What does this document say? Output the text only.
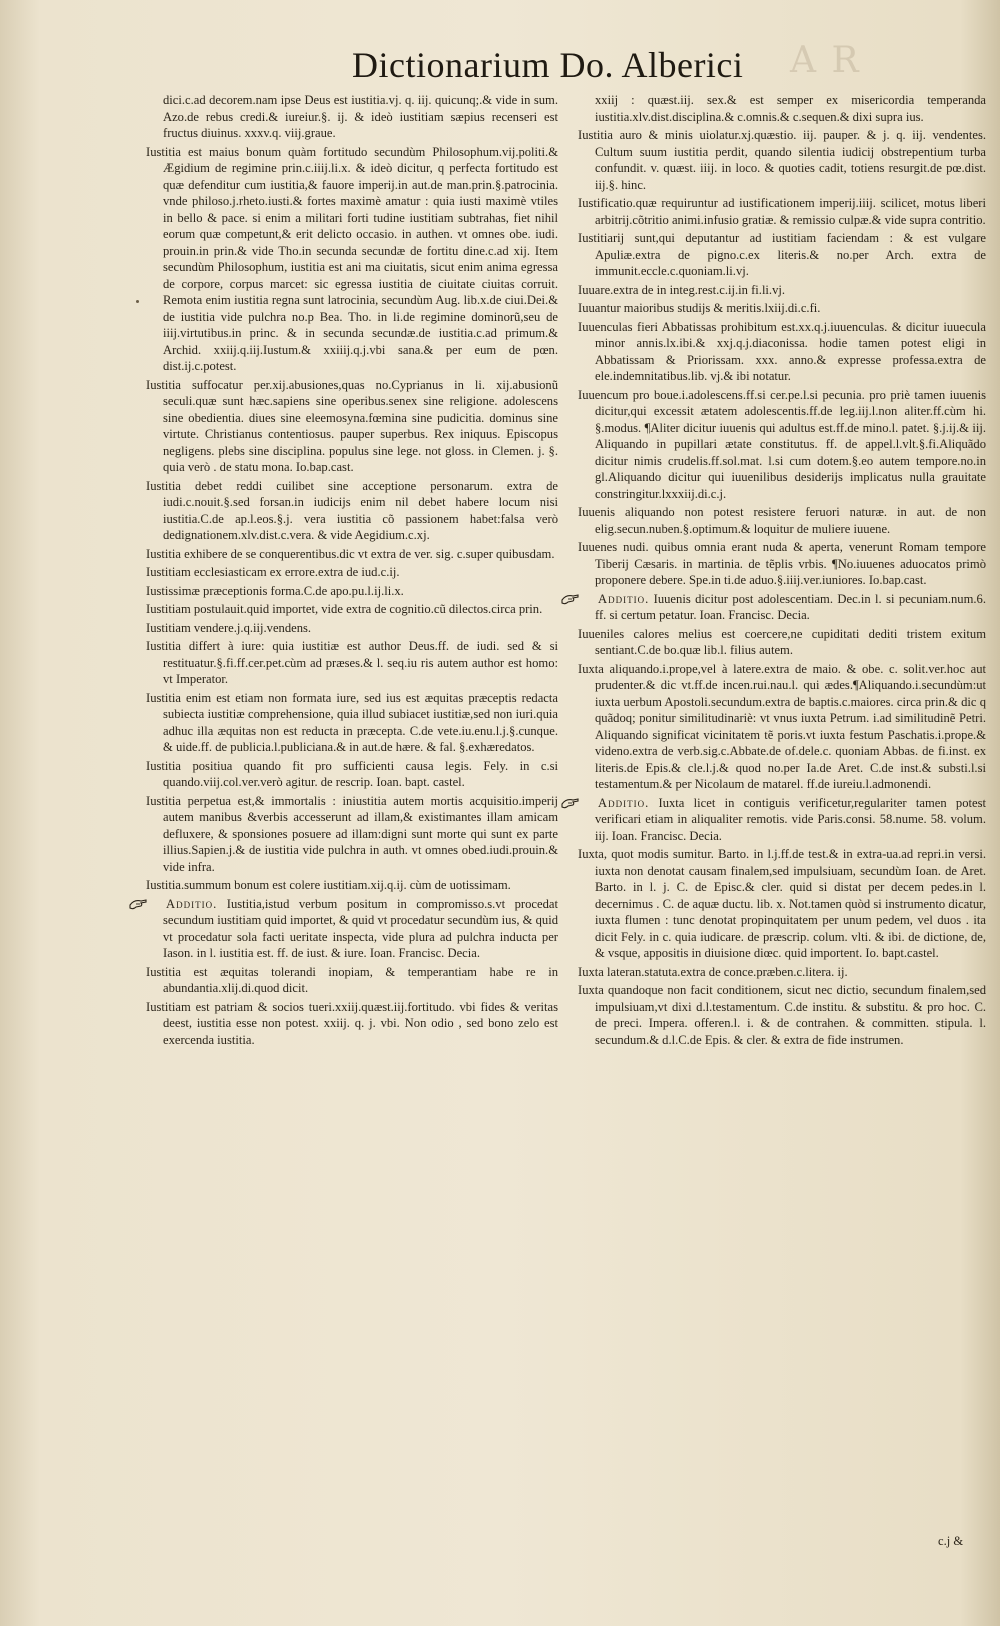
A R
Dictionarium Do. Alberici

dici.c.ad decorem.nam ipse Deus est iustitia.vj. q. iij. quicunq;.& vide in sum. Azo.de rebus credi.& iureiur.§. ij. & ideò iustitiam sæpius recenseri est fructus diuinus. xxxv.q. viij.graue.

Iustitia est maius bonum quàm fortitudo secundùm Philosophum.vij.politi.& Ægidium de regimine prin.c.iiij.li.x. & ideò dicitur, q perfecta fortitudo est quæ defenditur cum iustitia,& fauore imperij.in aut.de man.prin.§.patrocinia. vnde philoso.j.rheto.iusti.& fortes maximè amatur : quia iusti maximè vtiles in bello & pace. si enim a militari forti tudine iustitiam subtrahas, fiet nihil eorum quæ competunt,& erit delicto occasio. in authen. vt omnes obe. iudi. prouin.in prin.& vide Tho.in secunda secundæ de fortitu dine.c.ad xij. Item secundùm Philosophum, iustitia est ani ma ciuitatis, sicut enim anima egressa de corpore, corpus marcet: sic egressa iustitia de ciuitate ciuitas corruit. Remota enim iustitia regna sunt latrocinia, secundùm Aug. lib.x.de ciui.Dei.& de iustitia vide pulchra no.p Bea. Tho. in li.de regimine dominorũ,seu de iiij.virtutibus.in princ. & in secunda secundæ.de iustitia.c.ad primum.& Archid. xxiij.q.iij.Iustum.& xxiiij.q.j.vbi sana.& per eum de pœn. dist.ij.c.potest.

Iustitia suffocatur per.xij.abusiones,quas no.Cyprianus in li. xij.abusionũ seculi.quæ sunt hæc.sapiens sine operibus.senex sine religione. adolescens sine obedientia. diues sine eleemosyna.fœmina sine pudicitia. dominus sine virtute. Christianus contentiosus. pauper superbus. Rex iniquus. Episcopus negligens. plebs sine disciplina. populus sine lege. not gloss. in Clemen. j. §. quia verò . de statu mona. Io.bap.cast.

Iustitia debet reddi cuilibet sine acceptione personarum. extra de iudi.c.nouit.§.sed forsan.in iudicijs enim nil debet habere locum nisi iustitia.C.de ap.l.eos.§.j. vera iustitia cõ passionem habet:falsa verò dedignationem.xlv.dist.c.vera. & vide Aegidium.c.xj.

Iustitia exhibere de se conquerentibus.dic vt extra de ver. sig. c.super quibusdam.

Iustitiam ecclesiasticam ex errore.extra de iud.c.ij.

Iustissimæ præceptionis forma.C.de apo.pu.l.ij.li.x.

Iustitiam postulauit.quid importet, vide extra de cognitio.cũ dilectos.circa prin.

Iustitiam vendere.j.q.iij.vendens.

Iustitia differt à iure: quia iustitiæ est author Deus.ff. de iudi. sed & si restituatur.§.fi.ff.cer.pet.cùm ad præses.& l. seq.iu ris autem author est homo: vt Imperator.

Iustitia enim est etiam non formata iure, sed ius est æquitas præceptis redacta subiecta iustitiæ comprehensione, quia illud subiacet iustitiæ,sed non iuri.quia adhuc illa æquitas non est reducta in præcepta. C.de vete.iu.enu.l.j.§.cunque. & uide.ff. de publicia.l.publiciana.& in aut.de hære. & fal. §.exhæredatos.

Iustitia positiua quando fit pro sufficienti causa legis. Fely. in c.si quando.viij.col.ver.verò agitur. de rescrip. Ioan. bapt. castel.

Iustitia perpetua est,& immortalis : iniustitia autem mortis acquisitio.imperij autem manibus &verbis accesserunt ad illam,& existimantes illam amicam defluxere, & sponsiones posuere ad illam:digni sunt morte qui sunt ex parte illius.Sapien.j.& de iustitia vide pulchra in auth. vt omnes obed.iudi.prouin.& vide infra.

Iustitia.summum bonum est colere iustitiam.xij.q.ij. cùm de uotissimam.

Additio. Iustitia,istud verbum positum in compromisso.s.vt procedat secundum iustitiam quid importet, & quid vt procedatur secundùm ius, & quid vt procedatur sola facti ueritate inspecta, vide plura ad pulchra inducta per Iason. in l. iustitia est. ff. de iust. & iure. Ioan. Francisc. Decia.

Iustitia est æquitas tolerandi inopiam, & temperantiam habe re in abundantia.xlij.di.quod dicit.

Iustitiam est patriam & socios tueri.xxiij.quæst.iij.fortitudo. vbi fides & veritas deest, iustitia esse non potest. xxiij. q. j. vbi. Non odio , sed bono zelo est exercenda iustitia.

xxiij : quæst.iij. sex.& est semper ex misericordia temperanda iustitia.xlv.dist.disciplina.& c.omnis.& c.sequen.& dixi supra ius.

Iustitia auro & minis uiolatur.xj.quæstio. iij. pauper. & j. q. iij. vendentes. Cultum suum iustitia perdit, quando silentia iudicij obstrepentium turba confundit. v. quæst. iiij. in loco. & quoties cadit, totiens resurgit.de pœ.dist. iij.§. hinc.

Iustificatio.quæ requiruntur ad iustificationem imperij.iiij. scilicet, motus liberi arbitrij.cõtritio animi.infusio gratiæ. & remissio culpæ.& vide supra contritio.

Iustitiarij sunt,qui deputantur ad iustitiam faciendam : & est vulgare Apuliæ.extra de pigno.c.ex literis.& no.per Arch. extra de immunit.eccle.c.quoniam.li.vj.

Iuuare.extra de in integ.rest.c.ij.in fi.li.vj.

Iuuantur maioribus studijs & meritis.lxiij.di.c.fi.

Iuuenculas fieri Abbatissas prohibitum est.xx.q.j.iuuenculas. & dicitur iuuecula minor annis.lx.ibi.& xxj.q.j.diaconissa. hodie tamen potest eligi in Abbatissam & Priorissam. xxx. anno.& expresse professa.extra de ele.indemnitatibus.lib. vj.& ibi notatur.

Iuuencum pro boue.i.adolescens.ff.si cer.pe.l.si pecunia. pro priè tamen iuuenis dicitur,qui excessit ætatem adolescentis.ff.de leg.iij.l.non aliter.ff.cùm hi. §.modus. ¶Aliter dicitur iuuenis qui adultus est.ff.de mino.l. patet. §.j.ij.& iij. Aliquando in pupillari ætate constitutus. ff. de appel.l.vlt.§.fi.Aliquãdo dicitur nimis crudelis.ff.sol.mat. l.si cum dotem.§.eo autem tempore.no.in gl.Aliquando dicitur qui iuuenilibus desiderijs implicatus nulla grauitate constringitur.lxxxiij.di.c.j.

Iuuenis aliquando non potest resistere feruori naturæ. in aut. de non elig.secun.nuben.§.optimum.& loquitur de muliere iuuene.

Iuuenes nudi. quibus omnia erant nuda & aperta, venerunt Romam tempore Tiberij Cæsaris. in martinia. de tẽplis vrbis. ¶No.iuuenes aduocatos primò proponere debere. Spe.in ti.de aduo.§.iiij.ver.iuniores. Io.bap.cast.

Additio. Iuuenis dicitur post adolescentiam. Dec.in l. si pecuniam.num.6. ff. si certum petatur. Ioan. Francisc. Decia.

Iuueniles calores melius est coercere,ne cupiditati dediti tristem exitum sentiant.C.de bo.quæ lib.l. filius autem.

Iuxta aliquando.i.prope,vel à latere.extra de maio. & obe. c. solit.ver.hoc aut prudenter.& dic vt.ff.de incen.rui.nau.l. qui ædes.¶Aliquando.i.secundùm:ut iuxta uerbum Apostoli.secundum.extra de baptis.c.maiores. circa prin.& dic q quãdoq; ponitur similitudinariè: vt vnus iuxta Petrum. i.ad similitudinẽ Petri. Aliquando significat vicinitatem tẽ poris.vt iuxta festum Paschatis.i.prope.& videno.extra de verb.sig.c.Abbate.de of.dele.c. quoniam Abbas. de fi.inst. ex literis.de Epis.& cle.l.j.& quod no.per Ia.de Aret. C.de inst.& substi.l.si testamentum.& per Nicolaum de matarel. ff.de iureiu.l.admonendi.

Additio. Iuxta licet in contiguis verificetur,regulariter tamen potest verificari etiam in aliqualiter remotis. vide Paris.consi. 58.nume. 58. volum. iij. Ioan. Francisc. Decia.

Iuxta, quot modis sumitur. Barto. in l.j.ff.de test.& in extra-ua.ad repri.in versi. iuxta non denotat causam finalem,sed impulsiuam, secundùm Ioan. de Aret. Barto. in l. j. C. de Episc.& cler. quid si distat per decem pedes.in l. decernimus . C. de aquæ ductu. lib. x. Not.tamen quòd si instrumento dicatur, iuxta flumen : tunc denotat propinquitatem per unum pedem, vel duos . ita dicit Fely. in c. quia iudicare. de præscrip. colum. vlti. & ibi. de dictione, de, & vsque, appositis in diuisione diœc. quid importent. Io. bapt.castel.

Iuxta lateran.statuta.extra de conce.præben.c.litera. ij.

Iuxta quandoque non facit conditionem, sicut nec dictio, secundum finalem,sed impulsiuam,vt dixi d.l.testamentum. C.de institu. & substitu. & pro hoc. C. de preci. Impera. offeren.l. i. & de contrahen. & committen. stipula. l. secundum.& d.l.C.de Epis. & cler. & extra de fide instrumen.

c.j &
